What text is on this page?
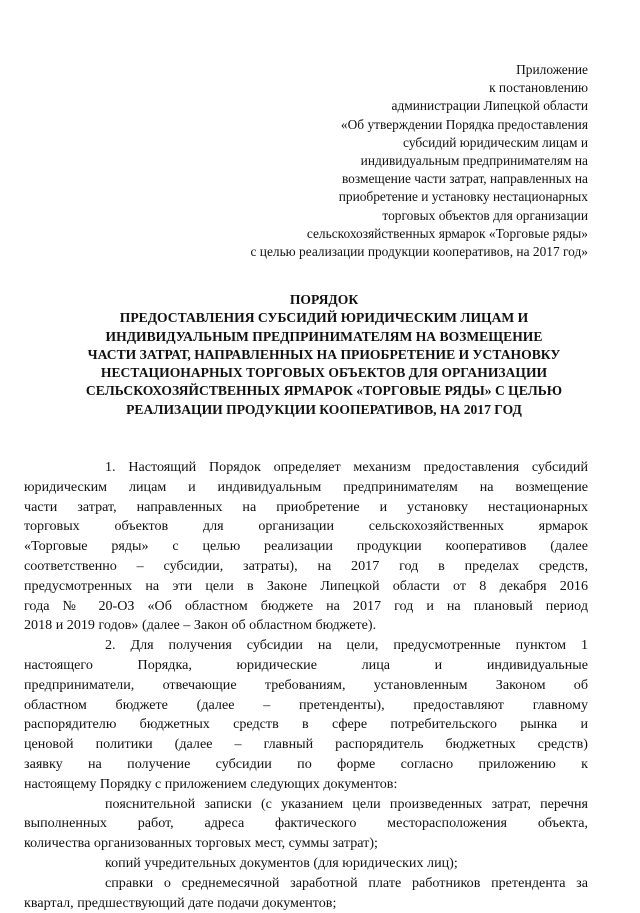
Приложение
к постановлению
администрации Липецкой области
«Об утверждении Порядка предоставления
субсидий юридическим лицам и
индивидуальным предпринимателям на
возмещение части затрат, направленных на
приобретение и установку нестационарных
торговых объектов для организации
сельскохозяйственных ярмарок «Торговые ряды»
с целью реализации продукции кооперативов, на 2017 год»
ПОРЯДОК
ПРЕДОСТАВЛЕНИЯ СУБСИДИЙ ЮРИДИЧЕСКИМ ЛИЦАМ И
ИНДИВИДУАЛЬНЫМ ПРЕДПРИНИМАТЕЛЯМ НА ВОЗМЕЩЕНИЕ
ЧАСТИ ЗАТРАТ, НАПРАВЛЕННЫХ НА ПРИОБРЕТЕНИЕ И УСТАНОВКУ
НЕСТАЦИОНАРНЫХ ТОРГОВЫХ ОБЪЕКТОВ ДЛЯ ОРГАНИЗАЦИИ
СЕЛЬСКОХОЗЯЙСТВЕННЫХ ЯРМАРОК «ТОРГОВЫЕ РЯДЫ» С ЦЕЛЬЮ
РЕАЛИЗАЦИИ ПРОДУКЦИИ КООПЕРАТИВОВ, НА 2017 ГОД
1. Настоящий Порядок определяет механизм предоставления субсидий
юридическим лицам и индивидуальным предпринимателям на возмещение
части затрат, направленных на приобретение и установку нестационарных
торговых объектов для организации сельскохозяйственных ярмарок
«Торговые ряды» с целью реализации продукции кооперативов (далее
соответственно – субсидии, затраты), на 2017 год в пределах средств,
предусмотренных на эти цели в Законе Липецкой области от 8 декабря 2016
года № 20-ОЗ «Об областном бюджете на 2017 год и на плановый период
2018 и 2019 годов» (далее – Закон об областном бюджете).
2. Для получения субсидии на цели, предусмотренные пунктом 1
настоящего Порядка, юридические лица и индивидуальные
предприниматели, отвечающие требованиям, установленным Законом об
областном бюджете (далее – претенденты), предоставляют главному
распорядителю бюджетных средств в сфере потребительского рынка и
ценовой политики (далее – главный распорядитель бюджетных средств)
заявку на получение субсидии по форме согласно приложению к
настоящему Порядку с приложением следующих документов:
пояснительной записки (с указанием цели произведенных затрат, перечня
выполненных работ, адреса фактического месторасположения объекта,
количества организованных торговых мест, суммы затрат);
копий учредительных документов (для юридических лиц);
справки о среднемесячной заработной плате работников претендента за
квартал, предшествующий дате подачи документов;
